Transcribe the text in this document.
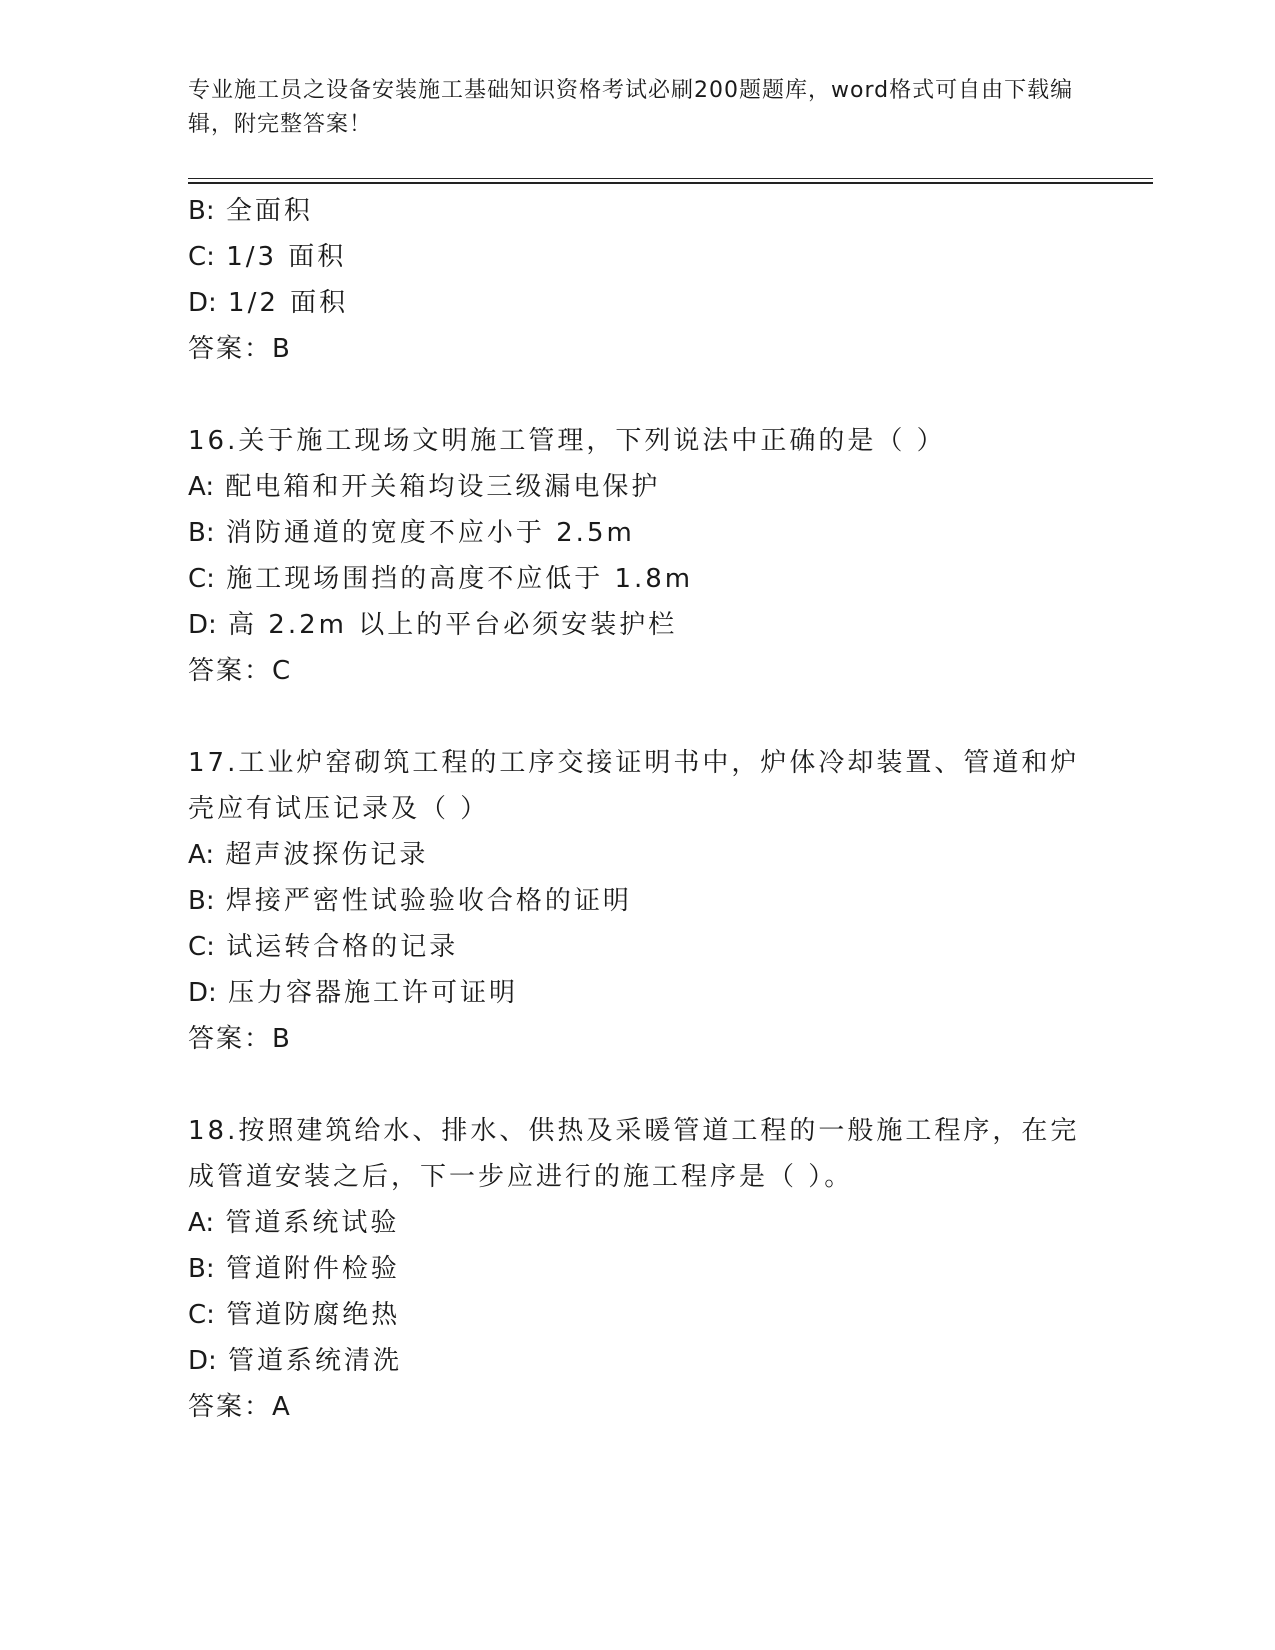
专业施工员之设备安装施工基础知识资格考试必刷200题题库，word格式可自由下载编辑，附完整答案！
B: 全面积
C: 1/3 面积
D: 1/2 面积
答案：B
16.关于施工现场文明施工管理，下列说法中正确的是（ ）
A: 配电箱和开关箱均设三级漏电保护
B: 消防通道的宽度不应小于 2.5m
C: 施工现场围挡的高度不应低于 1.8m
D: 高 2.2m 以上的平台必须安装护栏
答案：C
17.工业炉窑砌筑工程的工序交接证明书中，炉体冷却装置、管道和炉壳应有试压记录及（ ）
A: 超声波探伤记录
B: 焊接严密性试验验收合格的证明
C: 试运转合格的记录
D: 压力容器施工许可证明
答案：B
18.按照建筑给水、排水、供热及采暖管道工程的一般施工程序，在完成管道安装之后，下一步应进行的施工程序是（ ）。
A: 管道系统试验
B: 管道附件检验
C: 管道防腐绝热
D: 管道系统清洗
答案：A
